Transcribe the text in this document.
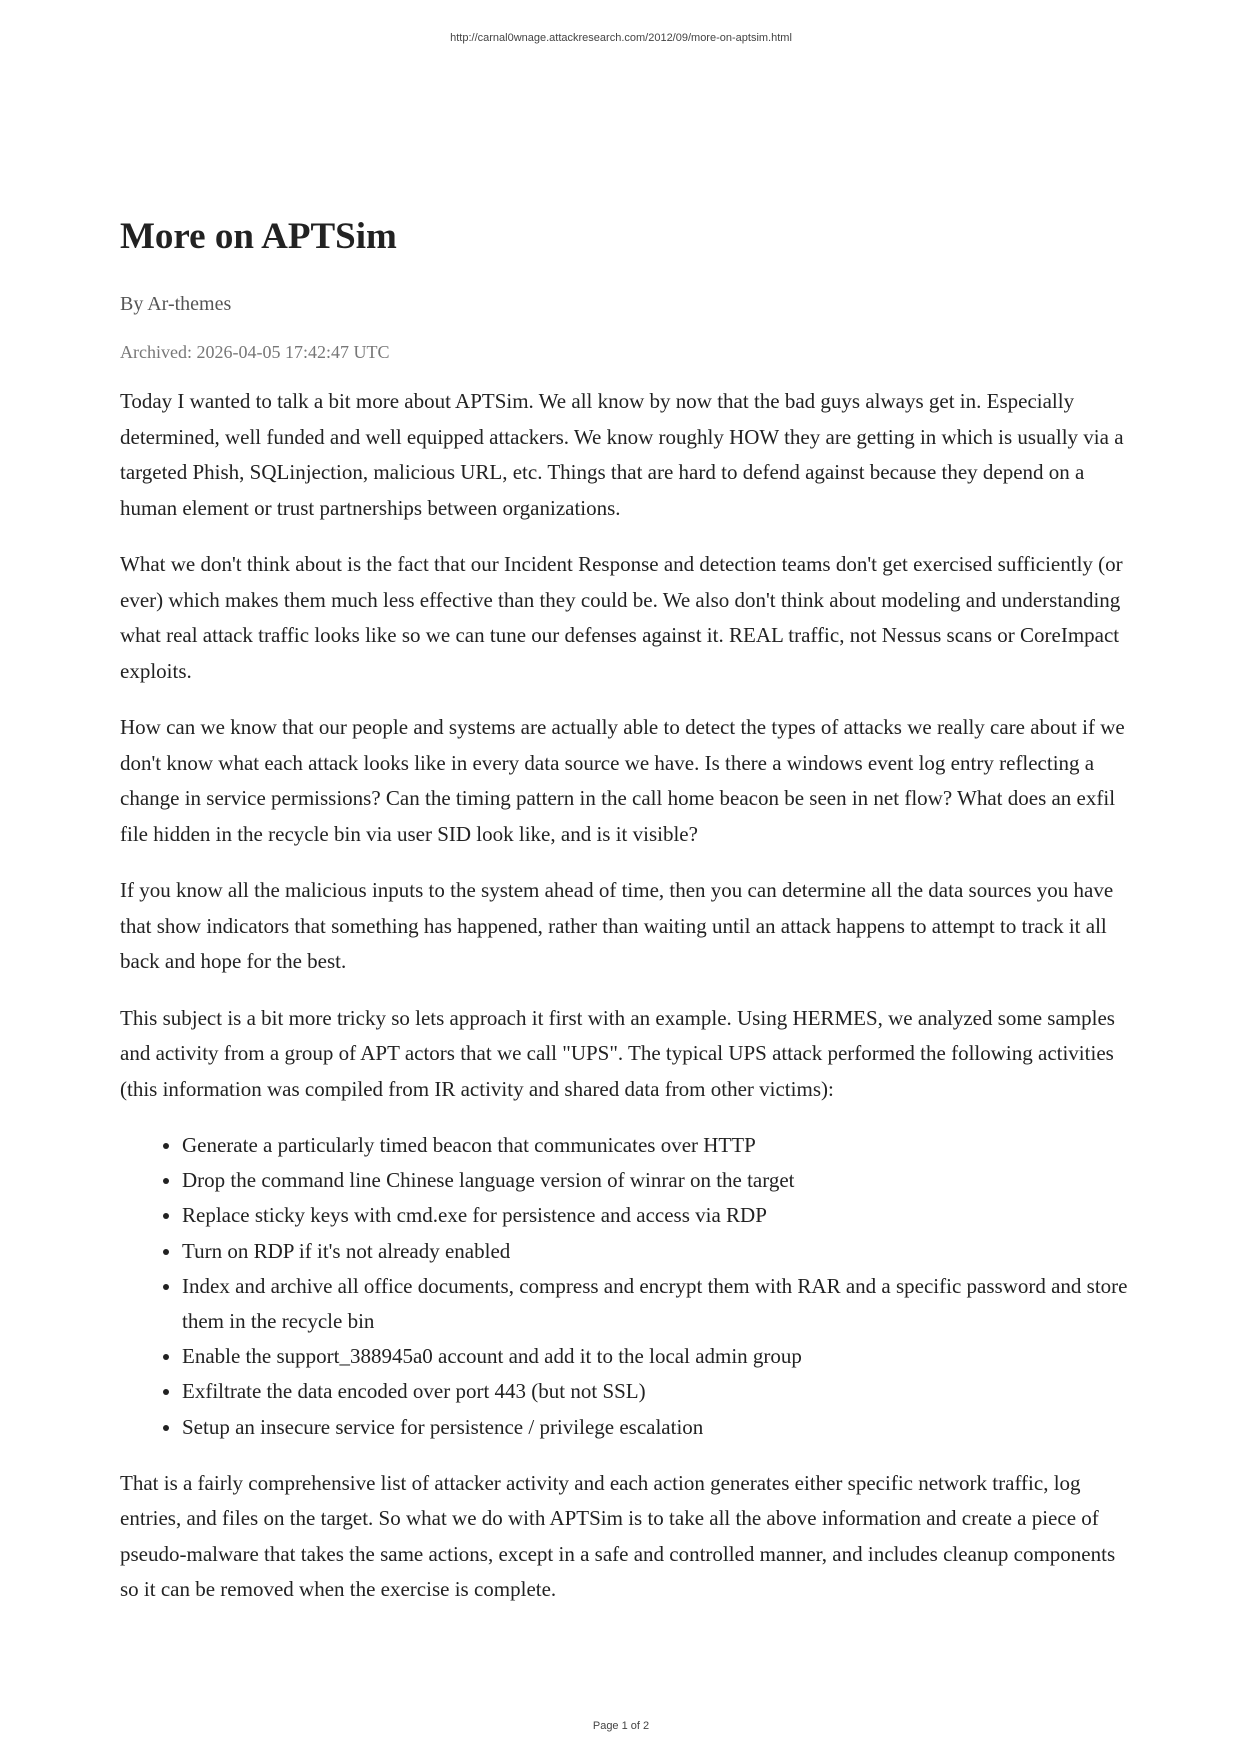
http://carnal0wnage.attackresearch.com/2012/09/more-on-aptsim.html
More on APTSim
By Ar-themes
Archived: 2026-04-05 17:42:47 UTC

Today I wanted to talk a bit more about APTSim. We all know by now that the bad guys always get in. Especially determined, well funded and well equipped attackers. We know roughly HOW they are getting in which is usually via a targeted Phish, SQLinjection, malicious URL, etc. Things that are hard to defend against because they depend on a human element or trust partnerships between organizations.

What we don't think about is the fact that our Incident Response and detection teams don't get exercised sufficiently (or ever) which makes them much less effective than they could be. We also don't think about modeling and understanding what real attack traffic looks like so we can tune our defenses against it. REAL traffic, not Nessus scans or CoreImpact exploits.

How can we know that our people and systems are actually able to detect the types of attacks we really care about if we don't know what each attack looks like in every data source we have. Is there a windows event log entry reflecting a change in service permissions? Can the timing pattern in the call home beacon be seen in net flow? What does an exfil file hidden in the recycle bin via user SID look like, and is it visible?

If you know all the malicious inputs to the system ahead of time, then you can determine all the data sources you have that show indicators that something has happened, rather than waiting until an attack happens to attempt to track it all back and hope for the best.

This subject is a bit more tricky so lets approach it first with an example. Using HERMES, we analyzed some samples and activity from a group of APT actors that we call "UPS". The typical UPS attack performed the following activities (this information was compiled from IR activity and shared data from other victims):

• Generate a particularly timed beacon that communicates over HTTP
• Drop the command line Chinese language version of winrar on the target
• Replace sticky keys with cmd.exe for persistence and access via RDP
• Turn on RDP if it's not already enabled
• Index and archive all office documents, compress and encrypt them with RAR and a specific password and store them in the recycle bin
• Enable the support_388945a0 account and add it to the local admin group
• Exfiltrate the data encoded over port 443 (but not SSL)
• Setup an insecure service for persistence / privilege escalation

That is a fairly comprehensive list of attacker activity and each action generates either specific network traffic, log entries, and files on the target. So what we do with APTSim is to take all the above information and create a piece of pseudo-malware that takes the same actions, except in a safe and controlled manner, and includes cleanup components so it can be removed when the exercise is complete.

Page 1 of 2
